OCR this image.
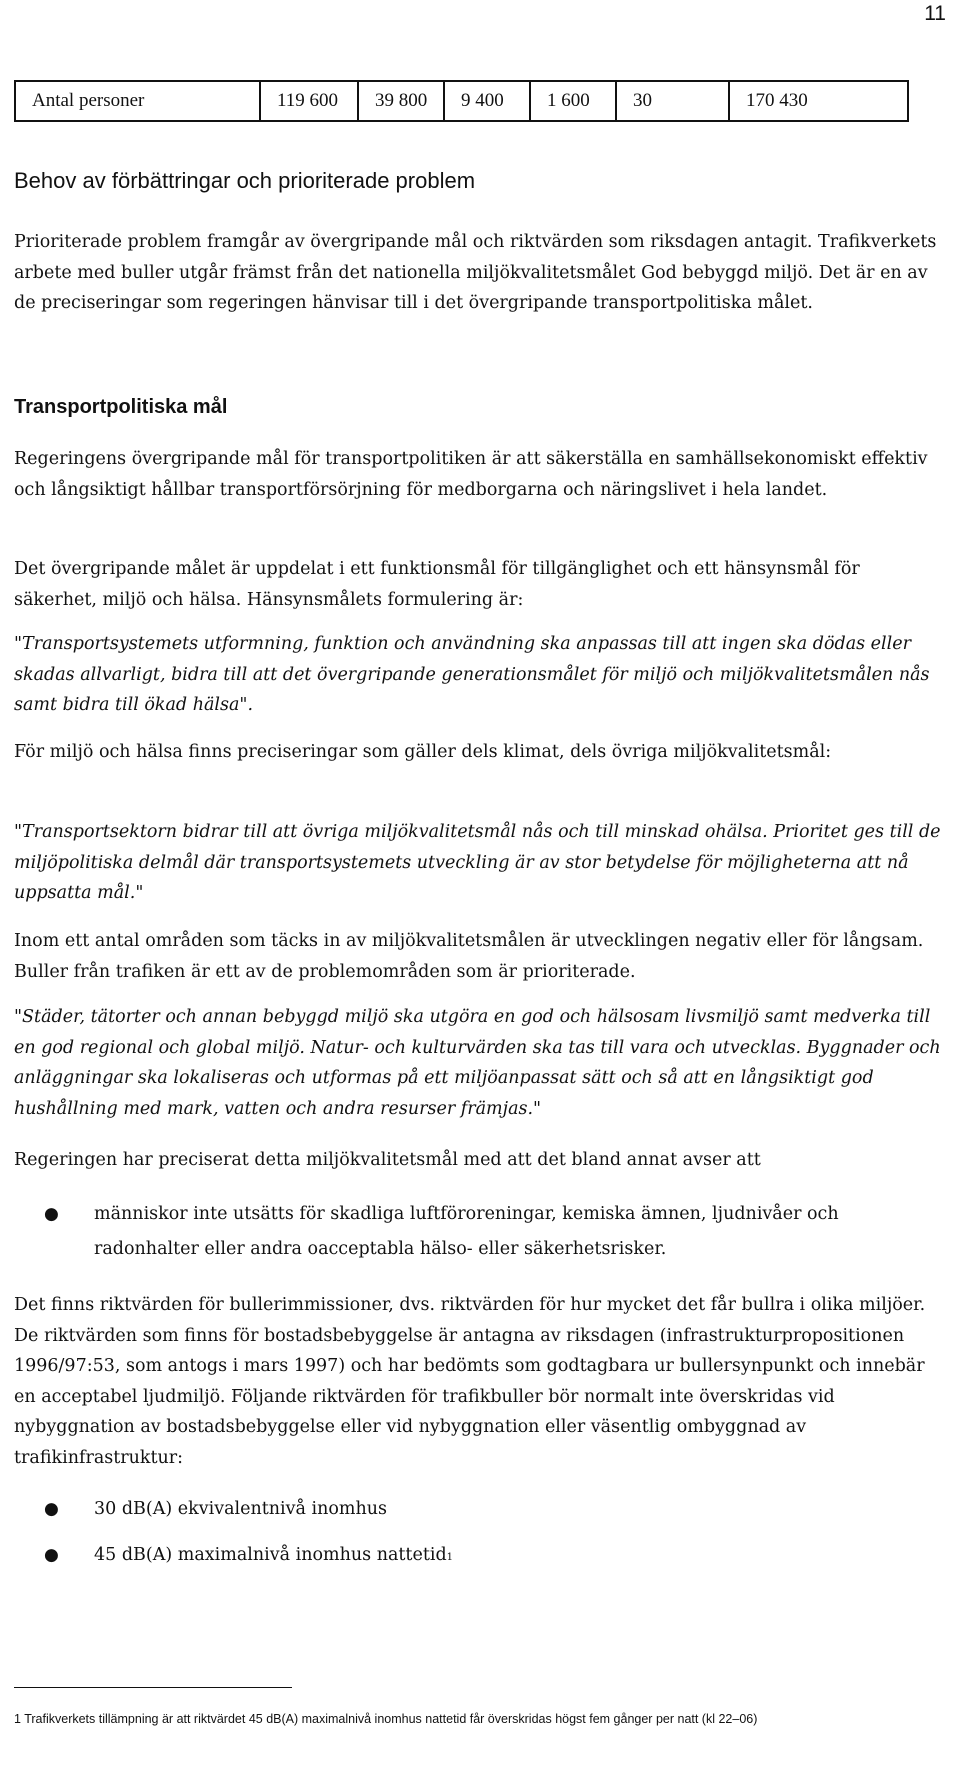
11
Antal personer	119 600	39 800	9 400	1 600	30	170 430
Behov av förbättringar och prioriterade problem

Prioriterade problem framgår av övergripande mål och riktvärden som riksdagen antagit. Trafikverkets arbete med buller utgår främst från det nationella miljökvalitetsmålet God bebyggd miljö. Det är en av de preciseringar som regeringen hänvisar till i det övergripande transportpolitiska målet.

Transportpolitiska mål

Regeringens övergripande mål för transportpolitiken är att säkerställa en samhällsekonomiskt effektiv och långsiktigt hållbar transportförsörjning för medborgarna och näringslivet i hela landet.

Det övergripande målet är uppdelat i ett funktionsmål för tillgänglighet och ett hänsynsmål för säkerhet, miljö och hälsa. Hänsynsmålets formulering är:

"Transportsystemets utformning, funktion och användning ska anpassas till att ingen ska dödas eller skadas allvarligt, bidra till att det övergripande generationsmålet för miljö och miljökvalitetsmålen nås samt bidra till ökad hälsa".

För miljö och hälsa finns preciseringar som gäller dels klimat, dels övriga miljökvalitetsmål:

"Transportsektorn bidrar till att övriga miljökvalitetsmål nås och till minskad ohälsa. Prioritet ges till de miljöpolitiska delmål där transportsystemets utveckling är av stor betydelse för möjligheterna att nå uppsatta mål."

Inom ett antal områden som täcks in av miljökvalitetsmålen är utvecklingen negativ eller för långsam. Buller från trafiken är ett av de problemområden som är prioriterade.

"Städer, tätorter och annan bebyggd miljö ska utgöra en god och hälsosam livsmiljö samt medverka till en god regional och global miljö. Natur- och kulturvärden ska tas till vara och utvecklas. Byggnader och anläggningar ska lokaliseras och utformas på ett miljöanpassat sätt och så att en långsiktigt god hushållning med mark, vatten och andra resurser främjas."

Regeringen har preciserat detta miljökvalitetsmål med att det bland annat avser att

● människor inte utsätts för skadliga luftföroreningar, kemiska ämnen, ljudnivåer och radonhalter eller andra oacceptabla hälso- eller säkerhetsrisker.

Det finns riktvärden för bullerimmissioner, dvs. riktvärden för hur mycket det får bullra i olika miljöer. De riktvärden som finns för bostadsbebyggelse är antagna av riksdagen (infrastrukturpropositionen 1996/97:53, som antogs i mars 1997) och har bedömts som godtagbara ur bullersynpunkt och innebär en acceptabel ljudmiljö. Följande riktvärden för trafikbuller bör normalt inte överskridas vid nybyggnation av bostadsbebyggelse eller vid nybyggnation eller väsentlig ombyggnad av trafikinfrastruktur:

● 30 dB(A) ekvivalentnivå inomhus
● 45 dB(A) maximalnivå inomhus nattetid$^1$
1 Trafikverkets tillämpning är att riktvärdet 45 dB(A) maximalnivå inomhus nattetid får överskridas högst fem gånger per natt (kl 22–06)
